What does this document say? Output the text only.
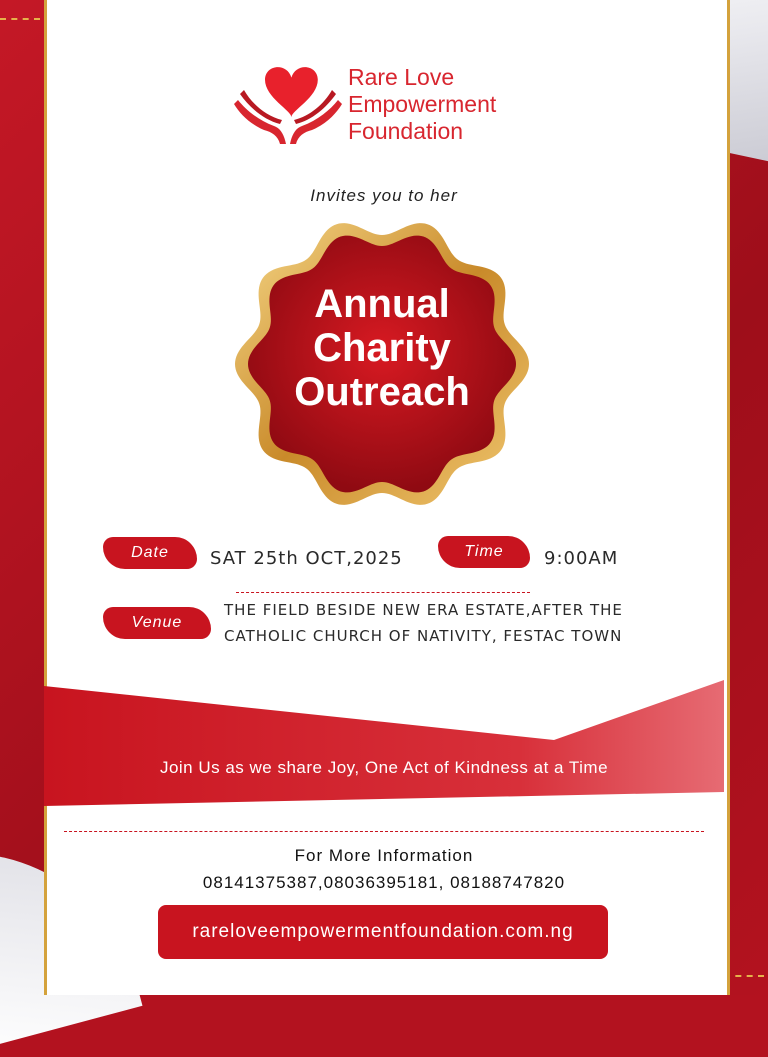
Rare Love
Empowerment
Foundation
Invites you to her
Annual
Charity
Outreach
Date	SAT 25th OCT,2025	Time	9:00AM
Venue
THE FIELD BESIDE NEW ERA ESTATE,AFTER THE
CATHOLIC CHURCH OF NATIVITY, FESTAC TOWN
Join Us as we share Joy, One Act of Kindness at a Time
For More Information
08141375387,08036395181, 08188747820
rareloveempowermentfoundation.com.ng
